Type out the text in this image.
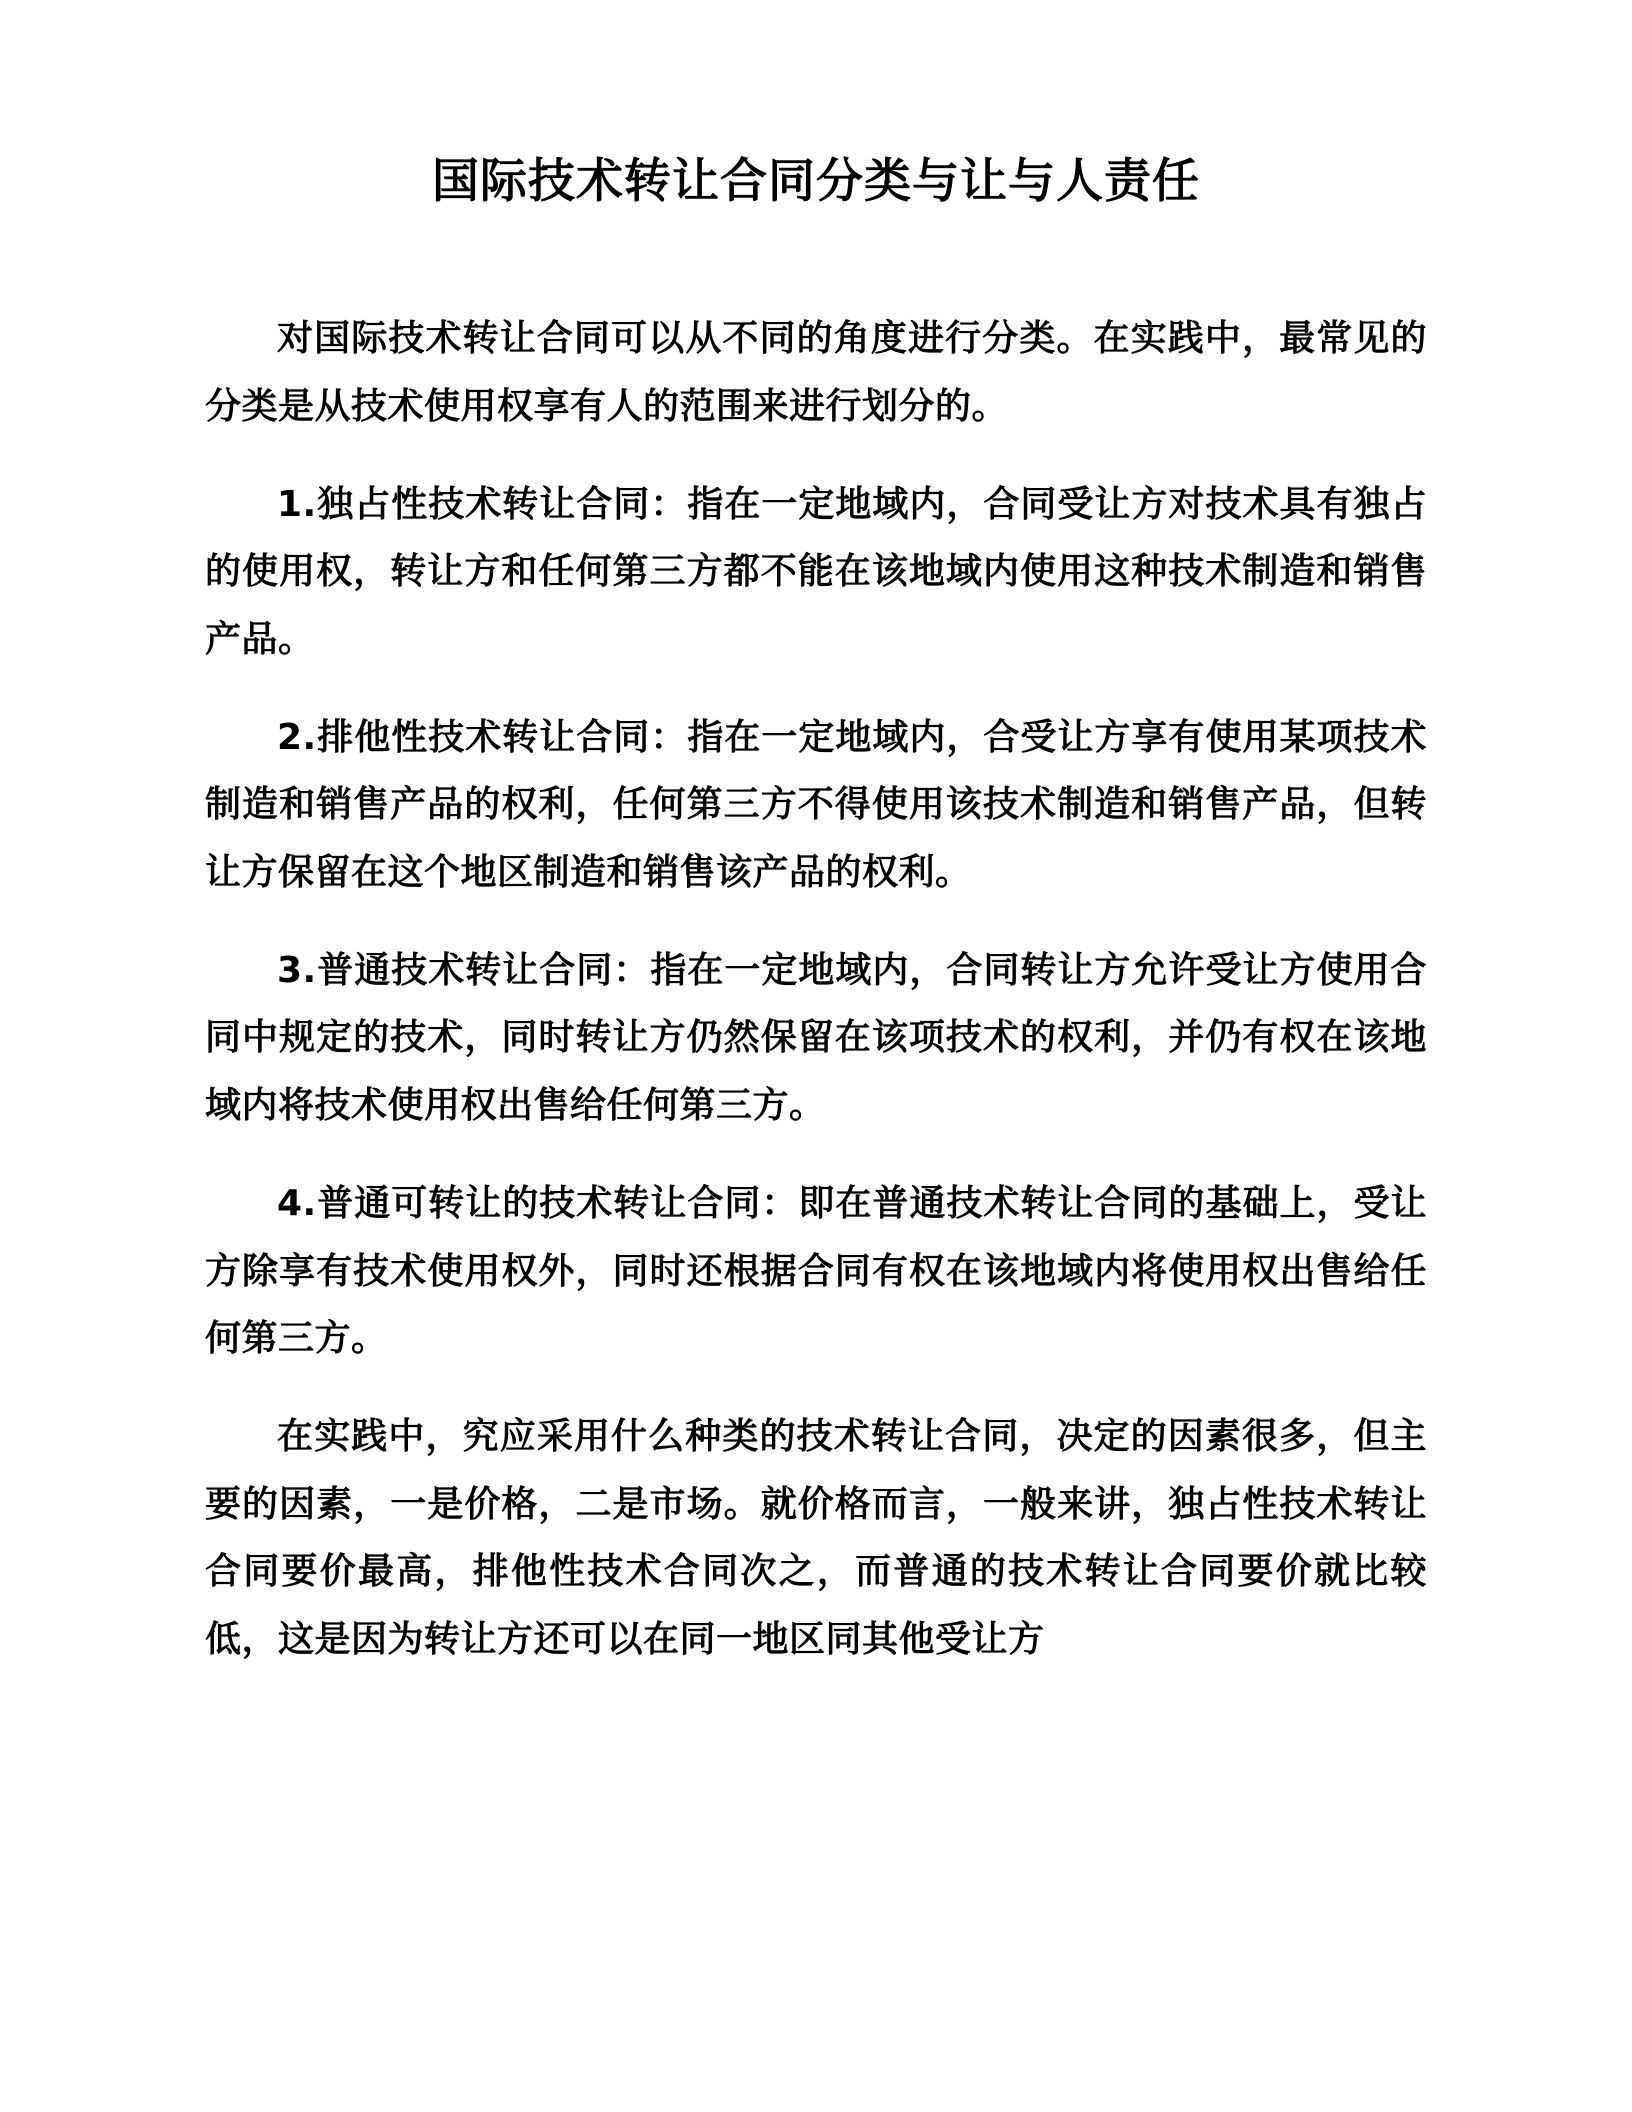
国际技术转让合同分类与让与人责任

对国际技术转让合同可以从不同的角度进行分类。在实践中，最常见的分类是从技术使用权享有人的范围来进行划分的。

1.独占性技术转让合同：指在一定地域内，合同受让方对技术具有独占的使用权，转让方和任何第三方都不能在该地域内使用这种技术制造和销售产品。

2.排他性技术转让合同：指在一定地域内，合受让方享有使用某项技术制造和销售产品的权利，任何第三方不得使用该技术制造和销售产品，但转让方保留在这个地区制造和销售该产品的权利。

3.普通技术转让合同：指在一定地域内，合同转让方允许受让方使用合同中规定的技术，同时转让方仍然保留在该项技术的权利，并仍有权在该地域内将技术使用权出售给任何第三方。

4.普通可转让的技术转让合同：即在普通技术转让合同的基础上，受让方除享有技术使用权外，同时还根据合同有权在该地域内将使用权出售给任何第三方。

在实践中，究应采用什么种类的技术转让合同，决定的因素很多，但主要的因素，一是价格，二是市场。就价格而言，一般来讲，独占性技术转让合同要价最高，排他性技术合同次之，而普通的技术转让合同要价就比较低，这是因为转让方还可以在同一地区同其他受让方
